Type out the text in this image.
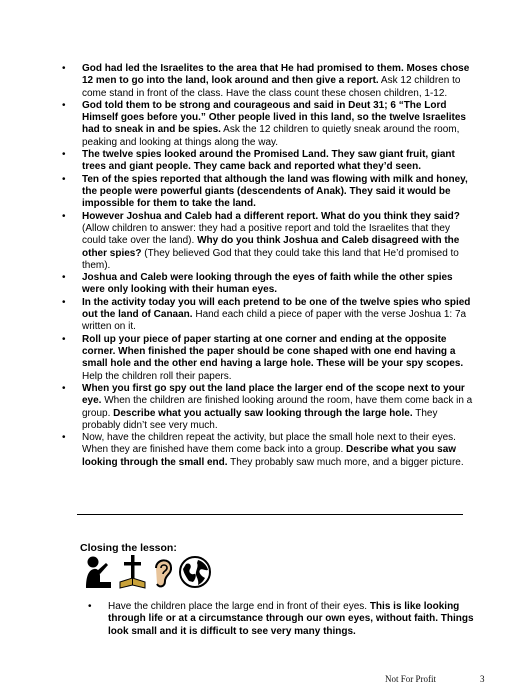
• God had led the Israelites to the area that He had promised to them. Moses chose 12 men to go into the land, look around and then give a report. Ask 12 children to come stand in front of the class. Have the class count these chosen children, 1-12.
• God told them to be strong and courageous and said in Deut 31; 6 “The Lord Himself goes before you.” Other people lived in this land, so the twelve Israelites had to sneak in and be spies. Ask the 12 children to quietly sneak around the room, peaking and looking at things along the way.
• The twelve spies looked around the Promised Land. They saw giant fruit, giant trees and giant people. They came back and reported what they’d seen.
• Ten of the spies reported that although the land was flowing with milk and honey, the people were powerful giants (descendents of Anak). They said it would be impossible for them to take the land.
• However Joshua and Caleb had a different report. What do you think they said? (Allow children to answer: they had a positive report and told the Israelites that they could take over the land). Why do you think Joshua and Caleb disagreed with the other spies? (They believed God that they could take this land that He’d promised to them).
• Joshua and Caleb were looking through the eyes of faith while the other spies were only looking with their human eyes.
• In the activity today you will each pretend to be one of the twelve spies who spied out the land of Canaan. Hand each child a piece of paper with the verse Joshua 1: 7a written on it.
• Roll up your piece of paper starting at one corner and ending at the opposite corner. When finished the paper should be cone shaped with one end having a small hole and the other end having a large hole. These will be your spy scopes. Help the children roll their papers.
• When you first go spy out the land place the larger end of the scope next to your eye. When the children are finished looking around the room, have them come back in a group. Describe what you actually saw looking through the large hole. They probably didn’t see very much.
• Now, have the children repeat the activity, but place the small hole next to their eyes. When they are finished have them come back into a group. Describe what you saw looking through the small end. They probably saw much more, and a bigger picture.
Closing the lesson:
• Have the children place the large end in front of their eyes. This is like looking through life or at a circumstance through our own eyes, without faith. Things look small and it is difficult to see very many things.
Not For Profit	3
